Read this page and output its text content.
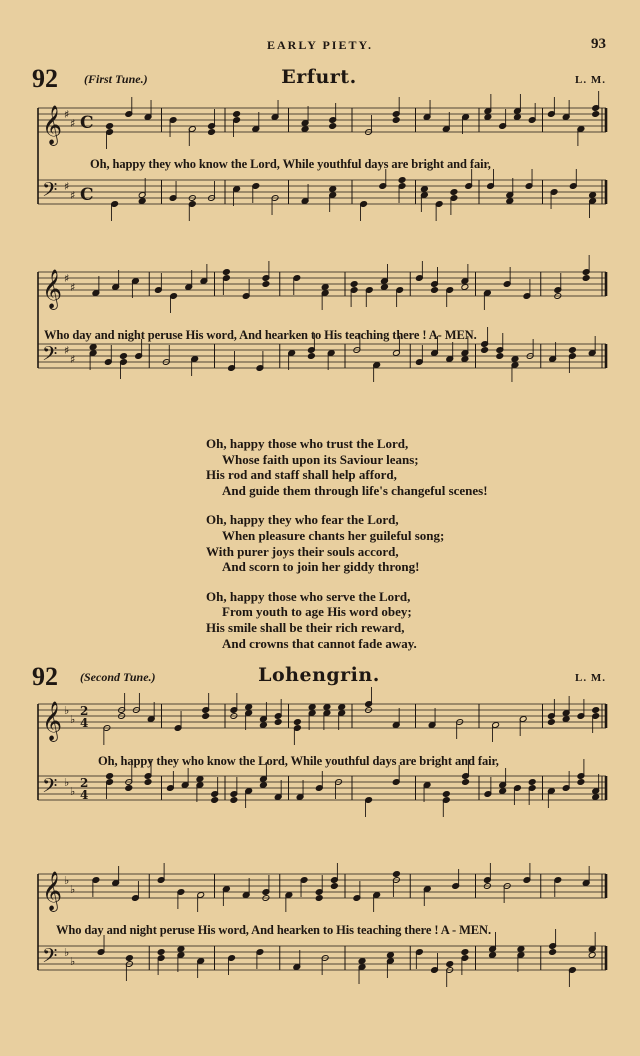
EARLY PIETY.	93
92 (First Tune.)	Erfurt.	L. M.
𝄞 ♯
♯ C
𝄢 ♯
♯ C
Oh, happy they who know the Lord, While youthful days are bright and fair,
𝄞 ♯
♯
𝄢 ♯
♯
Who day and night peruse His word, And hearken to His teaching there ! A- MEN.
Oh, happy those who trust the Lord,
Whose faith upon its Saviour leans;
His rod and staff shall help afford,
And guide them through life's changeful scenes!
Oh, happy they who fear the Lord,
When pleasure chants her guileful song;
With purer joys their souls accord,
And scorn to join her giddy throng!
Oh, happy those who serve the Lord,
From youth to age His word obey;
His smile shall be their rich reward,
And crowns that cannot fade away.
92 (Second Tune.)	Lohengrin.	L. M.
𝄞 ♭
♭
2
4
𝄢 ♭
♭
2
4
Oh, happy they who know the Lord, While youthful days are bright and fair,
𝄞 ♭
♭
𝄢 ♭
♭
Who day and night peruse His word, And hearken to His teaching there ! A - MEN.
